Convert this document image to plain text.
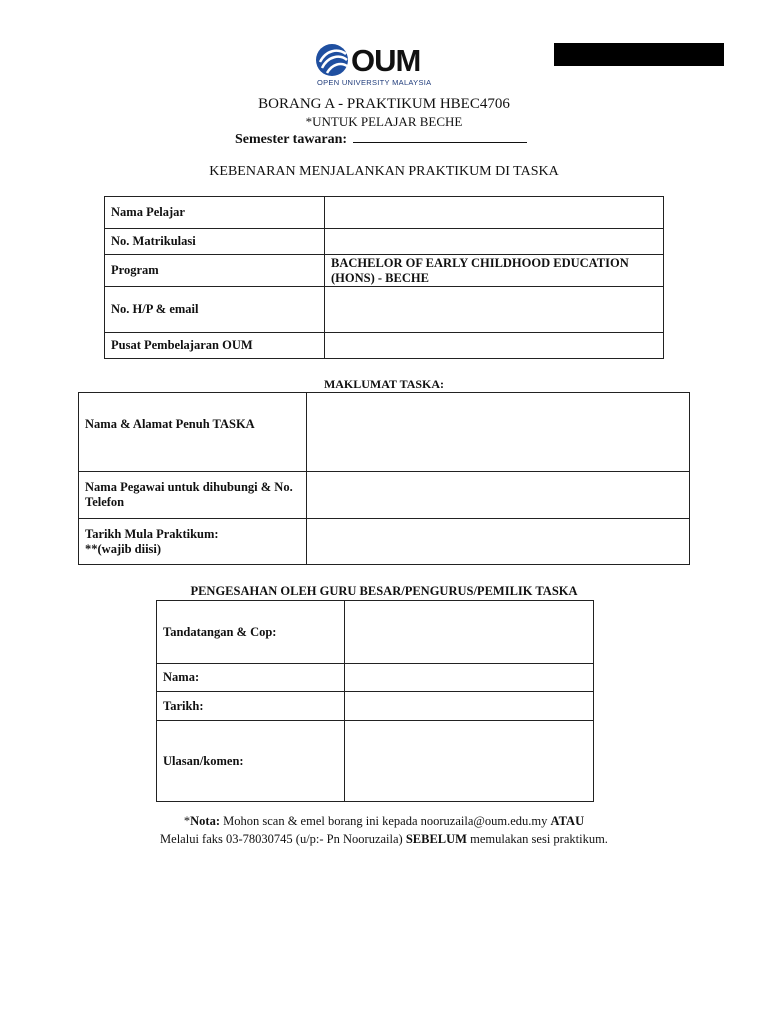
OUM
OPEN UNIVERSITY MALAYSIA
BORANG A - PRAKTIKUM HBEC4706
*UNTUK PELAJAR BECHE
Semester tawaran:
KEBENARAN MENJALANKAN PRAKTIKUM DI TASKA
Nama Pelajar	
No. Matrikulasi	
Program	BACHELOR OF EARLY CHILDHOOD EDUCATION (HONS) - BECHE
No. H/P & email	
Pusat Pembelajaran OUM	
MAKLUMAT TASKA:
Nama & Alamat Penuh TASKA	
Nama Pegawai untuk dihubungi & No. Telefon	

Tarikh Mula Praktikum:
**(wajib diisi)	

PENGESAHAN OLEH GURU BESAR/PENGURUS/PEMILIK TASKA
Tandatangan & Cop:	
Nama:	
Tarikh:	
Ulasan/komen:	
*Nota: Mohon scan & emel borang ini kepada nooruzaila@oum.edu.my ATAU
Melalui faks 03-78030745 (u/p:- Pn Nooruzaila) SEBELUM memulakan sesi praktikum.
